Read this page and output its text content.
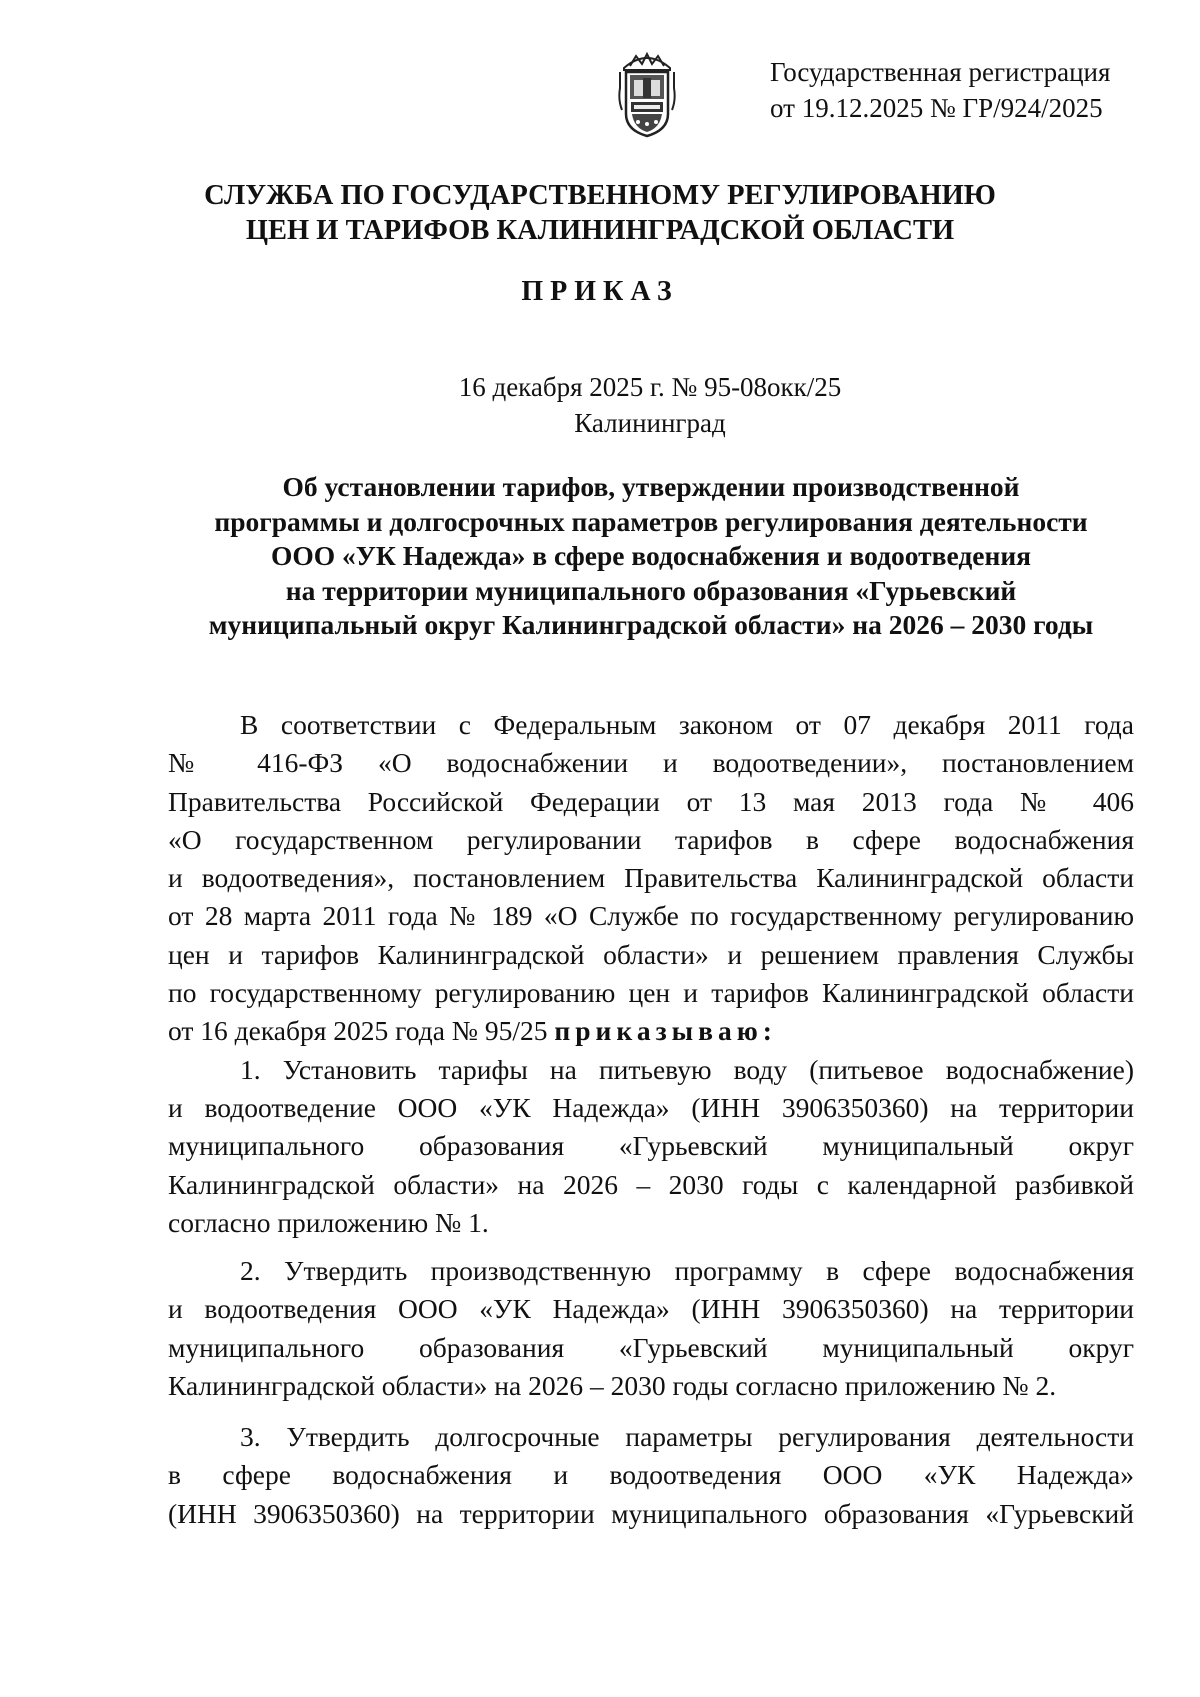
Государственная регистрация
от 19.12.2025 № ГР/924/2025
СЛУЖБА ПО ГОСУДАРСТВЕННОМУ РЕГУЛИРОВАНИЮ
ЦЕН И ТАРИФОВ КАЛИНИНГРАДСКОЙ ОБЛАСТИ
ПРИКАЗ
16 декабря 2025 г. № 95-08окк/25
Калининград
Об установлении тарифов, утверждении производственной
программы и долгосрочных параметров регулирования деятельности
ООО «УК Надежда» в сфере водоснабжения и водоотведения
на территории муниципального образования «Гурьевский
муниципальный округ Калининградской области» на 2026 – 2030 годы
В соответствии с Федеральным законом от 07 декабря 2011 года
№ 416-ФЗ «О водоснабжении и водоотведении», постановлением
Правительства Российской Федерации от 13 мая 2013 года № 406
«О государственном регулировании тарифов в сфере водоснабжения
и водоотведения», постановлением Правительства Калининградской области
от 28 марта 2011 года № 189 «О Службе по государственному регулированию
цен и тарифов Калининградской области» и решением правления Службы
по государственному регулированию цен и тарифов Калининградской области
от 16 декабря 2025 года № 95/25 приказываю:
1. Установить тарифы на питьевую воду (питьевое водоснабжение)
и водоотведение ООО «УК Надежда» (ИНН 3906350360) на территории
муниципального образования «Гурьевский муниципальный округ
Калининградской области» на 2026 – 2030 годы с календарной разбивкой
согласно приложению № 1.
2. Утвердить производственную программу в сфере водоснабжения
и водоотведения ООО «УК Надежда» (ИНН 3906350360) на территории
муниципального образования «Гурьевский муниципальный округ
Калининградской области» на 2026 – 2030 годы согласно приложению № 2.
3. Утвердить долгосрочные параметры регулирования деятельности
в сфере водоснабжения и водоотведения ООО «УК Надежда»
(ИНН 3906350360) на территории муниципального образования «Гурьевский
